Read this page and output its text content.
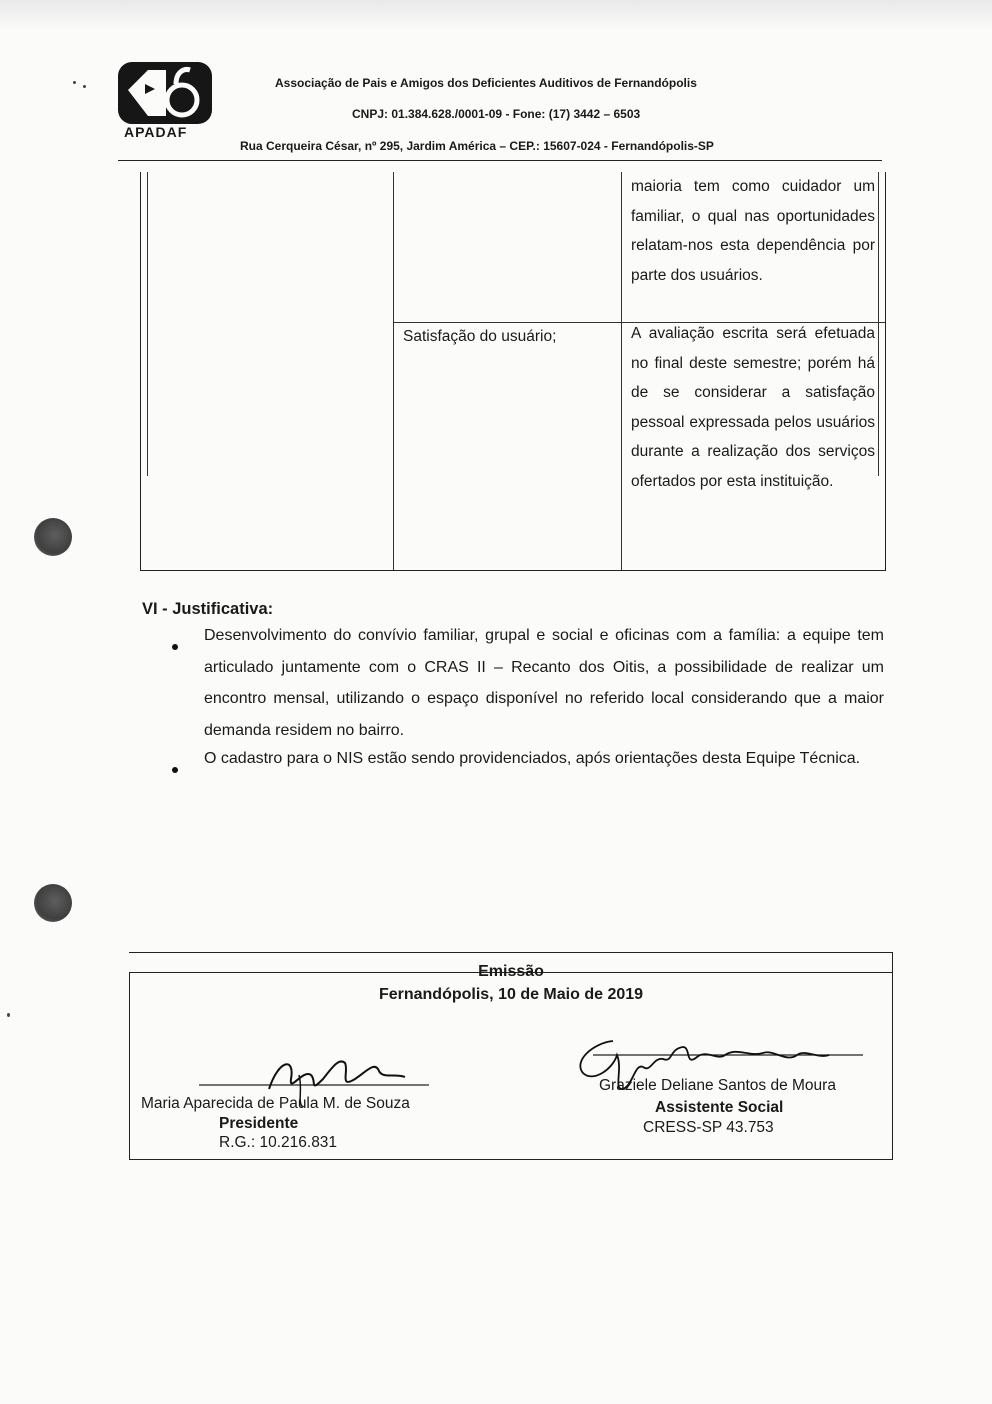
APADAF
Associação de Pais e Amigos dos Deficientes Auditivos de Fernandópolis
CNPJ: 01.384.628./0001-09 - Fone: (17) 3442 – 6503
Rua Cerqueira César, nº 295, Jardim América – CEP.: 15607-024 - Fernandópolis-SP
maioria tem como cuidador um familiar, o qual nas oportunidades relatam-nos esta dependência por parte dos usuários.
Satisfação do usuário;	A avaliação escrita será efetuada no final deste semestre; porém há de se considerar a satisfação pessoal expressada pelos usuários durante a realização dos serviços ofertados por esta instituição.
VI - Justificativa:
Desenvolvimento do convívio familiar, grupal e social e oficinas com a família: a equipe tem articulado juntamente com o CRAS II – Recanto dos Oitis, a possibilidade de realizar um encontro mensal, utilizando o espaço disponível no referido local considerando que a maior demanda residem no bairro.
O cadastro para o NIS estão sendo providenciados, após orientações desta Equipe Técnica.
Emissão
Fernandópolis, 10 de Maio de 2019
Maria Aparecida de Paula M. de Souza
Presidente
R.G.: 10.216.831
Graziele Deliane Santos de Moura
Assistente Social
CRESS-SP 43.753
